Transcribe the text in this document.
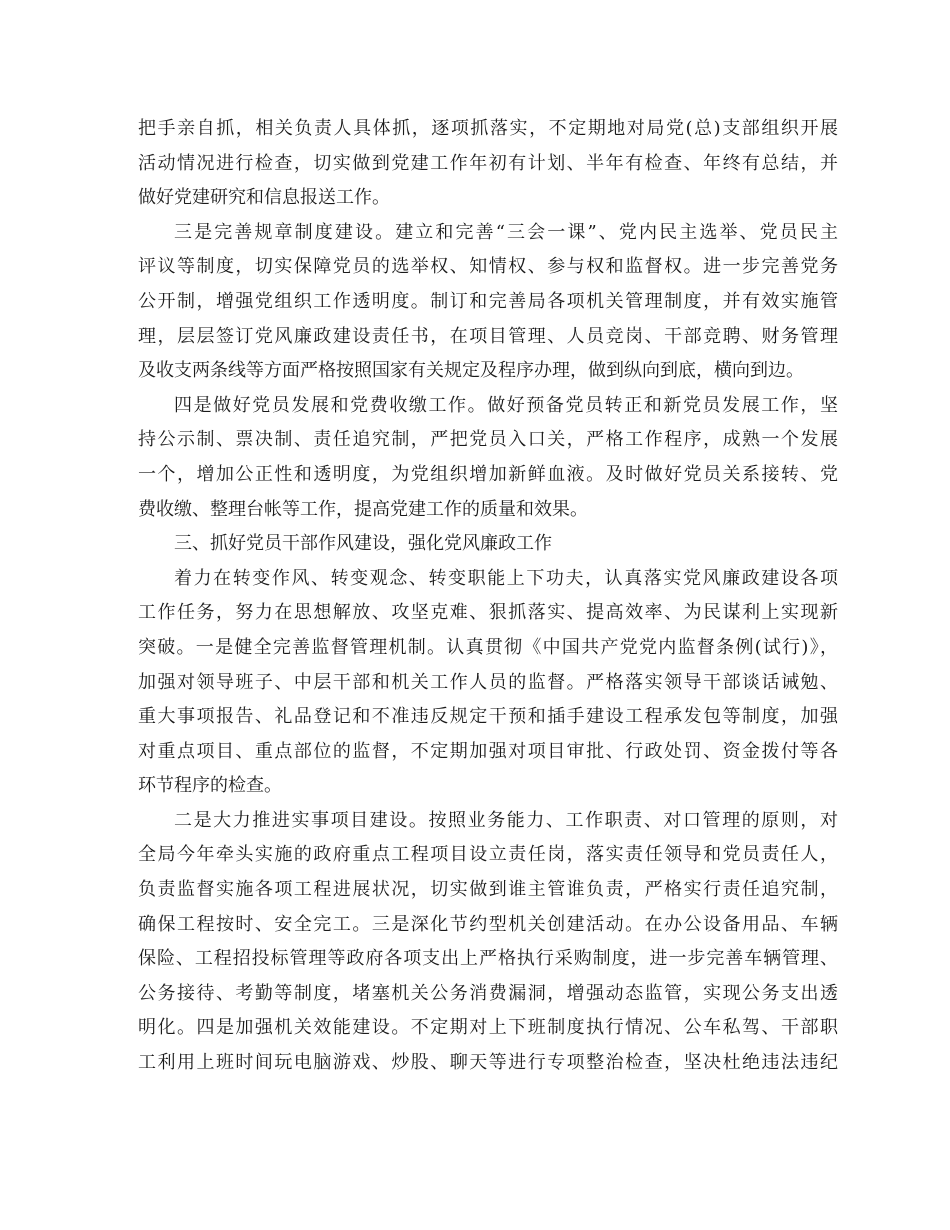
把手亲自抓，相关负责人具体抓，逐项抓落实，不定期地对局党(总)支部组织开展
活动情况进行检查，切实做到党建工作年初有计划、半年有检查、年终有总结，并
做好党建研究和信息报送工作。
三是完善规章制度建设。建立和完善“三会一课”、党内民主选举、党员民主
评议等制度，切实保障党员的选举权、知情权、参与权和监督权。进一步完善党务
公开制，增强党组织工作透明度。制订和完善局各项机关管理制度，并有效实施管
理，层层签订党风廉政建设责任书，在项目管理、人员竞岗、干部竞聘、财务管理
及收支两条线等方面严格按照国家有关规定及程序办理，做到纵向到底，横向到边。
四是做好党员发展和党费收缴工作。做好预备党员转正和新党员发展工作，坚
持公示制、票决制、责任追究制，严把党员入口关，严格工作程序，成熟一个发展
一个，增加公正性和透明度，为党组织增加新鲜血液。及时做好党员关系接转、党
费收缴、整理台帐等工作，提高党建工作的质量和效果。
三、抓好党员干部作风建设，强化党风廉政工作
着力在转变作风、转变观念、转变职能上下功夫，认真落实党风廉政建设各项
工作任务，努力在思想解放、攻坚克难、狠抓落实、提高效率、为民谋利上实现新
突破。一是健全完善监督管理机制。认真贯彻《中国共产党党内监督条例(试行)》，
加强对领导班子、中层干部和机关工作人员的监督。严格落实领导干部谈话诫勉、
重大事项报告、礼品登记和不准违反规定干预和插手建设工程承发包等制度，加强
对重点项目、重点部位的监督，不定期加强对项目审批、行政处罚、资金拨付等各
环节程序的检查。
二是大力推进实事项目建设。按照业务能力、工作职责、对口管理的原则，对
全局今年牵头实施的政府重点工程项目设立责任岗，落实责任领导和党员责任人，
负责监督实施各项工程进展状况，切实做到谁主管谁负责，严格实行责任追究制，
确保工程按时、安全完工。三是深化节约型机关创建活动。在办公设备用品、车辆
保险、工程招投标管理等政府各项支出上严格执行采购制度，进一步完善车辆管理、
公务接待、考勤等制度，堵塞机关公务消费漏洞，增强动态监管，实现公务支出透
明化。四是加强机关效能建设。不定期对上下班制度执行情况、公车私驾、干部职
工利用上班时间玩电脑游戏、炒股、聊天等进行专项整治检查，坚决杜绝违法违纪
